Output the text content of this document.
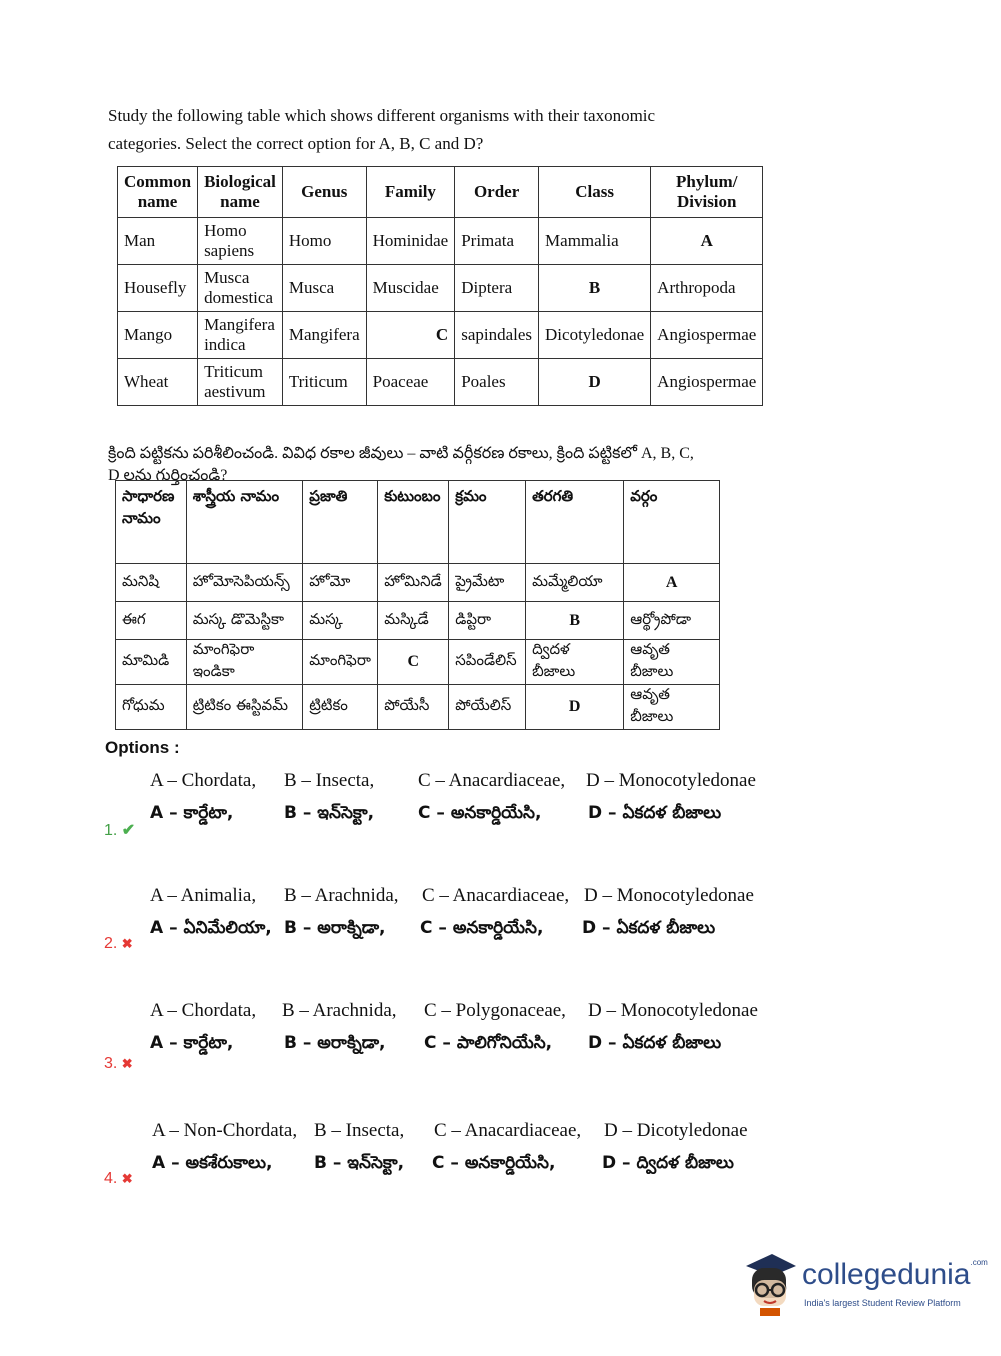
Study the following table which shows different organisms with their taxonomic categories. Select the correct option for A, B, C and D?
Common name	Biological name	Genus	Family	Order	Class	Phylum/ Division
Man	Homo sapiens	Homo	Hominidae	Primata	Mammalia	A
Housefly	Musca domestica	Musca	Muscidae	Diptera	B	Arthropoda
Mango	Mangifera indica	Mangifera	C	sapindales	Dicotyledonae	Angiospermae
Wheat	Triticum aestivum	Triticum	Poaceae	Poales	D	Angiospermae
క్రింది పట్టికను పరిశీలించండి. వివిధ రకాల జీవులు – వాటి వర్గీకరణ రకాలు, క్రింది పట్టికలో A, B, C, D లను గుర్తించండి?
సాధారణ నామం	శాస్త్రీయ నామం	ప్రజాతి	కుటుంబం	క్రమం	తరగతి	వర్గం
మనిషి	హోమోసెపియన్స్	హోమో	హోమినిడే	ప్రైమేటా	మమ్మేలియా	A
ఈగ	మస్క డొమెస్టికా	మస్క	మస్కిడే	డిప్టిరా	B	ఆర్థ్రోపోడా
మామిడి	మాంగిఫెరా ఇండికా	మాంగిఫెరా	C	సపిండేలిస్	ద్విదళ బీజాలు	ఆవృత బీజాలు
గోధుమ	ట్రిటికం ఈస్టివమ్	ట్రిటికం	పోయేసీ	పోయేలిస్	D	ఆవృత బీజాలు
Options :
A – Chordata, B – Insecta, C – Anacardiaceae, D – Monocotyledonae
A – కార్డేటా,	B – ఇన్‌సెక్టా,	C – అనకార్డియేసి,	D – ఏకదళ బీజాలు
1. ✔
A – Animalia, B – Arachnida, C – Anacardiaceae, D – Monocotyledonae
A – ఏనిమేలియా, B – అరాక్నిడా, C – అనకార్డియేసి, D – ఏకదళ బీజాలు
2. ✖
A – Chordata, B – Arachnida, C – Polygonaceae, D – Monocotyledonae
A – కార్డేటా,	B – అరాక్నిడా, C – పాలిగోనియేసి, D – ఏకదళ బీజాలు
3. ✖
A – Non-Chordata, B – Insecta, C – Anacardiaceae, D – Dicotyledonae
A – అకశేరుకాలు, B – ఇన్‌సెక్టా, C – అనకార్డియేసి,	D – ద్విదళ బీజాలు
4. ✖
collegedunia$^{.com}$
India's largest Student Review Platform
